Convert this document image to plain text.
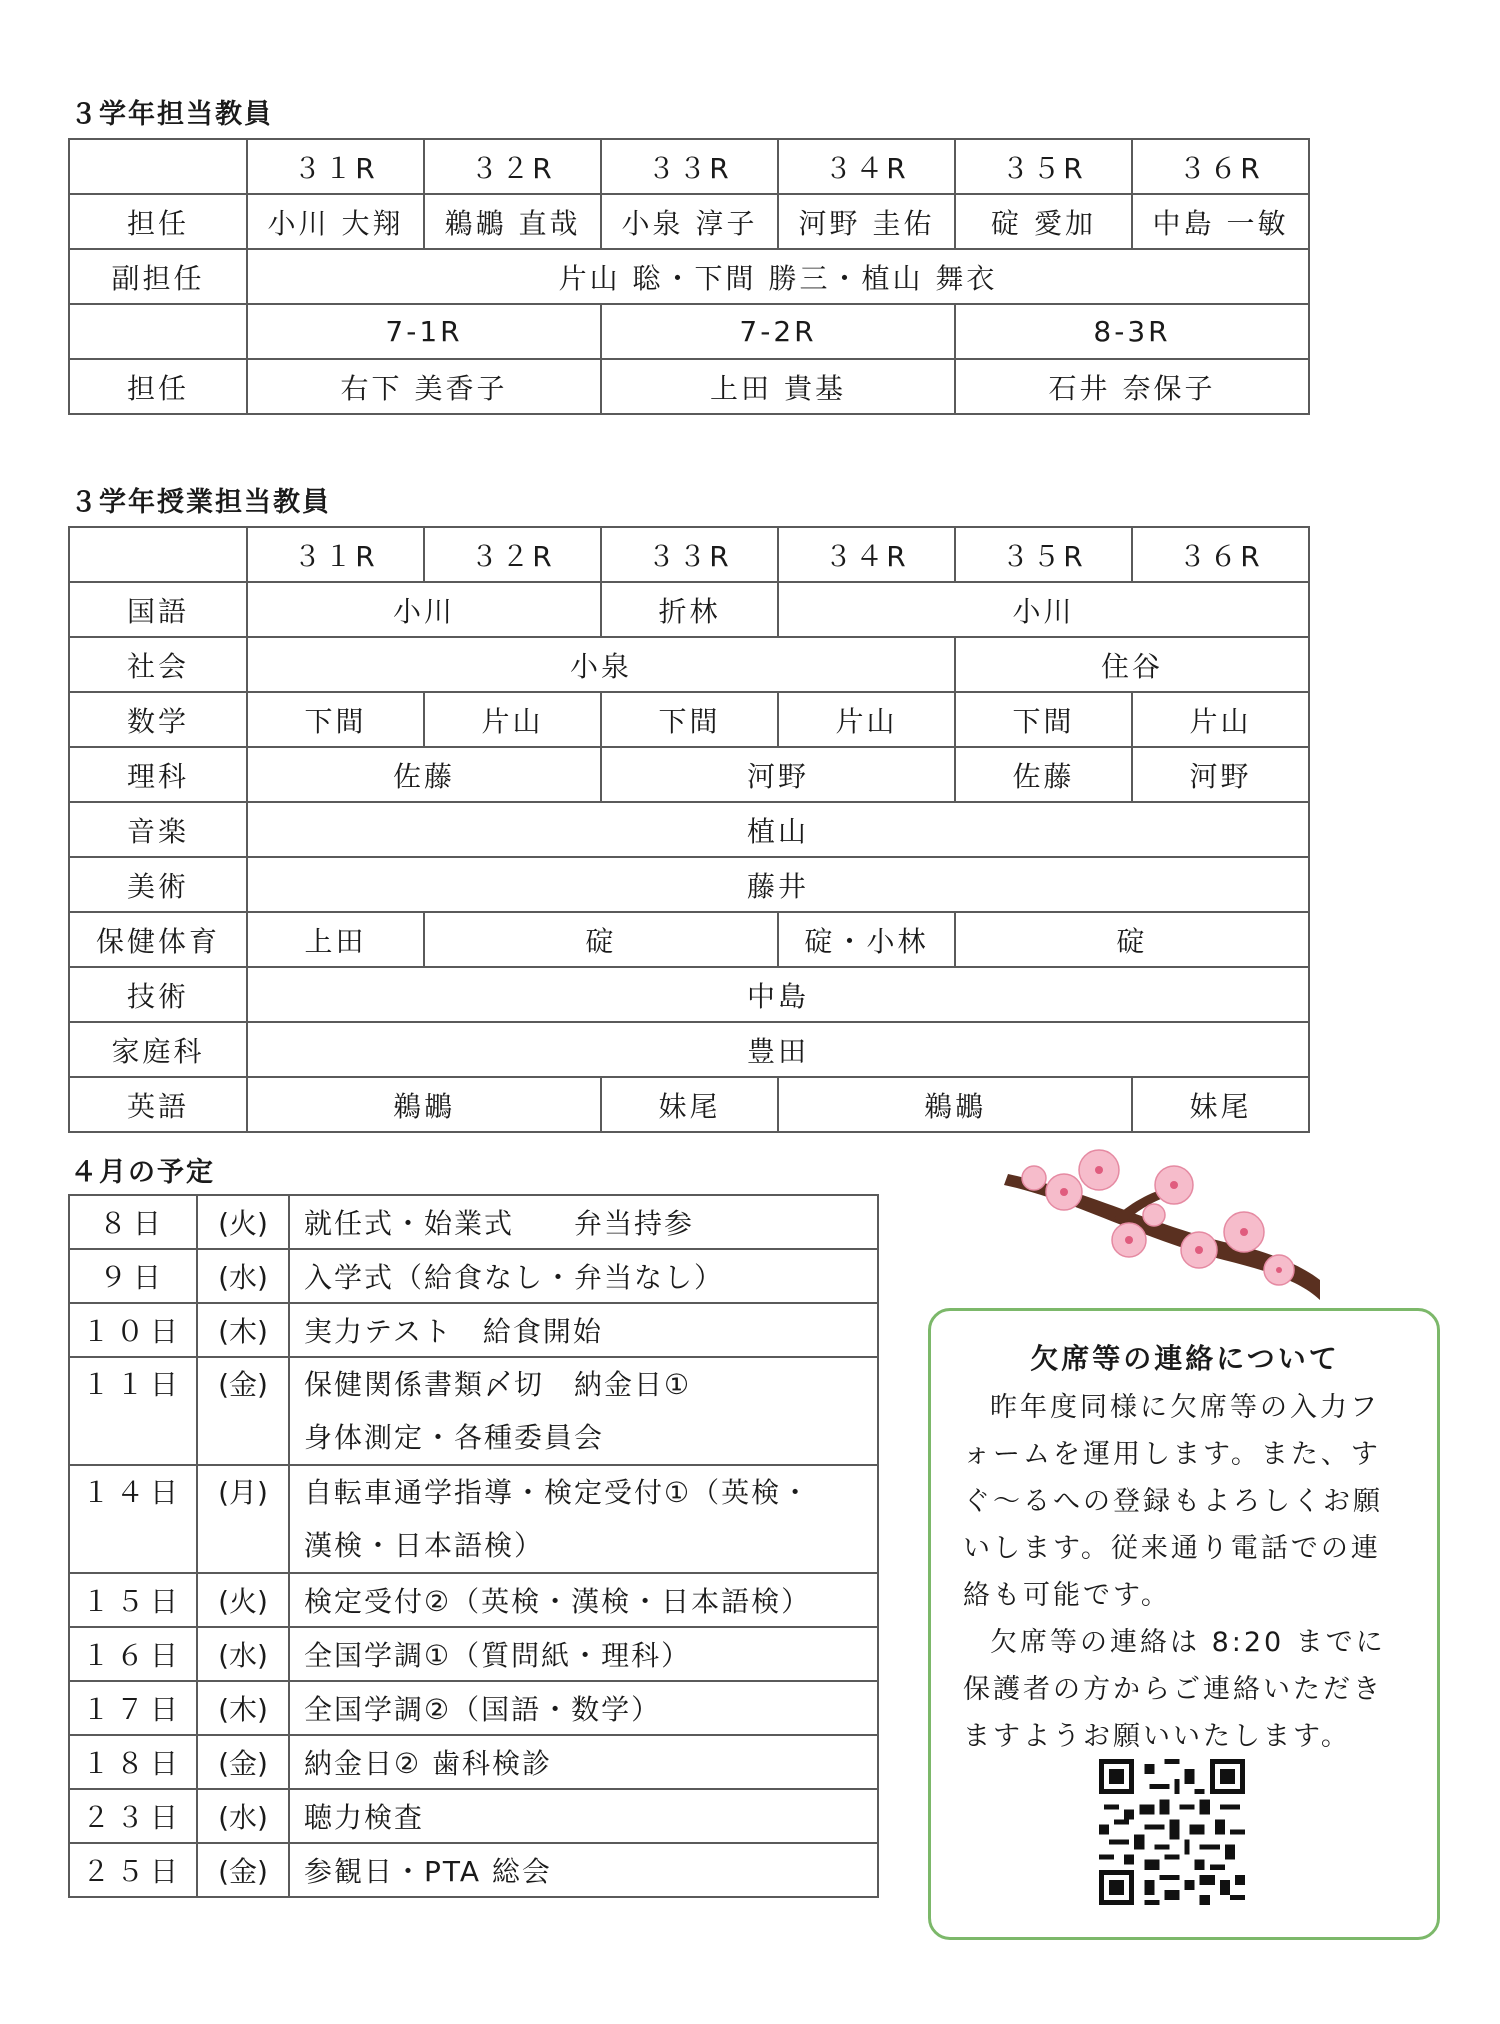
３学年担当教員
	３１R	３２R	３３R	３４R	３５R	３６R
担任	小川 大翔	鵜鶘 直哉	小泉 淳子	河野 圭佑	碇 愛加	中島 一敏
副担任	片山 聡・下間 勝三・植山 舞衣					
	7-1R		7-2R		8-3R	
担任	右下 美香子		上田 貴基		石井 奈保子	
３学年授業担当教員
	３１R	３２R	３３R	３４R	３５R	３６R
国語	小川		折林	小川		
社会	小泉				住谷	
数学	下間	片山	下間	片山	下間	片山
理科	佐藤		河野		佐藤	河野
音楽	植山					
美術	藤井					
保健体育	上田	碇		碇・小林	碇	
技術	中島					
家庭科	豊田					
英語	鵜鶘		妹尾	鵜鶘		妹尾
４月の予定
８日	(火)	就任式・始業式　　弁当持参
９日	(水)	入学式（給食なし・弁当なし）
１０日	(木)	実力テスト　給食開始
１１日	(金)	保健関係書類〆切　納金日①
身体測定・各種委員会

１４日	(月)	自転車通学指導・検定受付①（英検・
漢検・日本語検）

１５日	(火)	検定受付②（英検・漢検・日本語検）
１６日	(水)	全国学調①（質問紙・理科）
１７日	(木)	全国学調②（国語・数学）
１８日	(金)	納金日② 歯科検診
２３日	(水)	聴力検査
２５日	(金)	参観日・PTA 総会
欠席等の連絡について

昨年度同様に欠席等の入力フォームを運用します。また、すぐ～るへの登録もよろしくお願いします。従来通り電話での連絡も可能です。

欠席等の連絡は 8:20 までに保護者の方からご連絡いただきますようお願いいたします。
